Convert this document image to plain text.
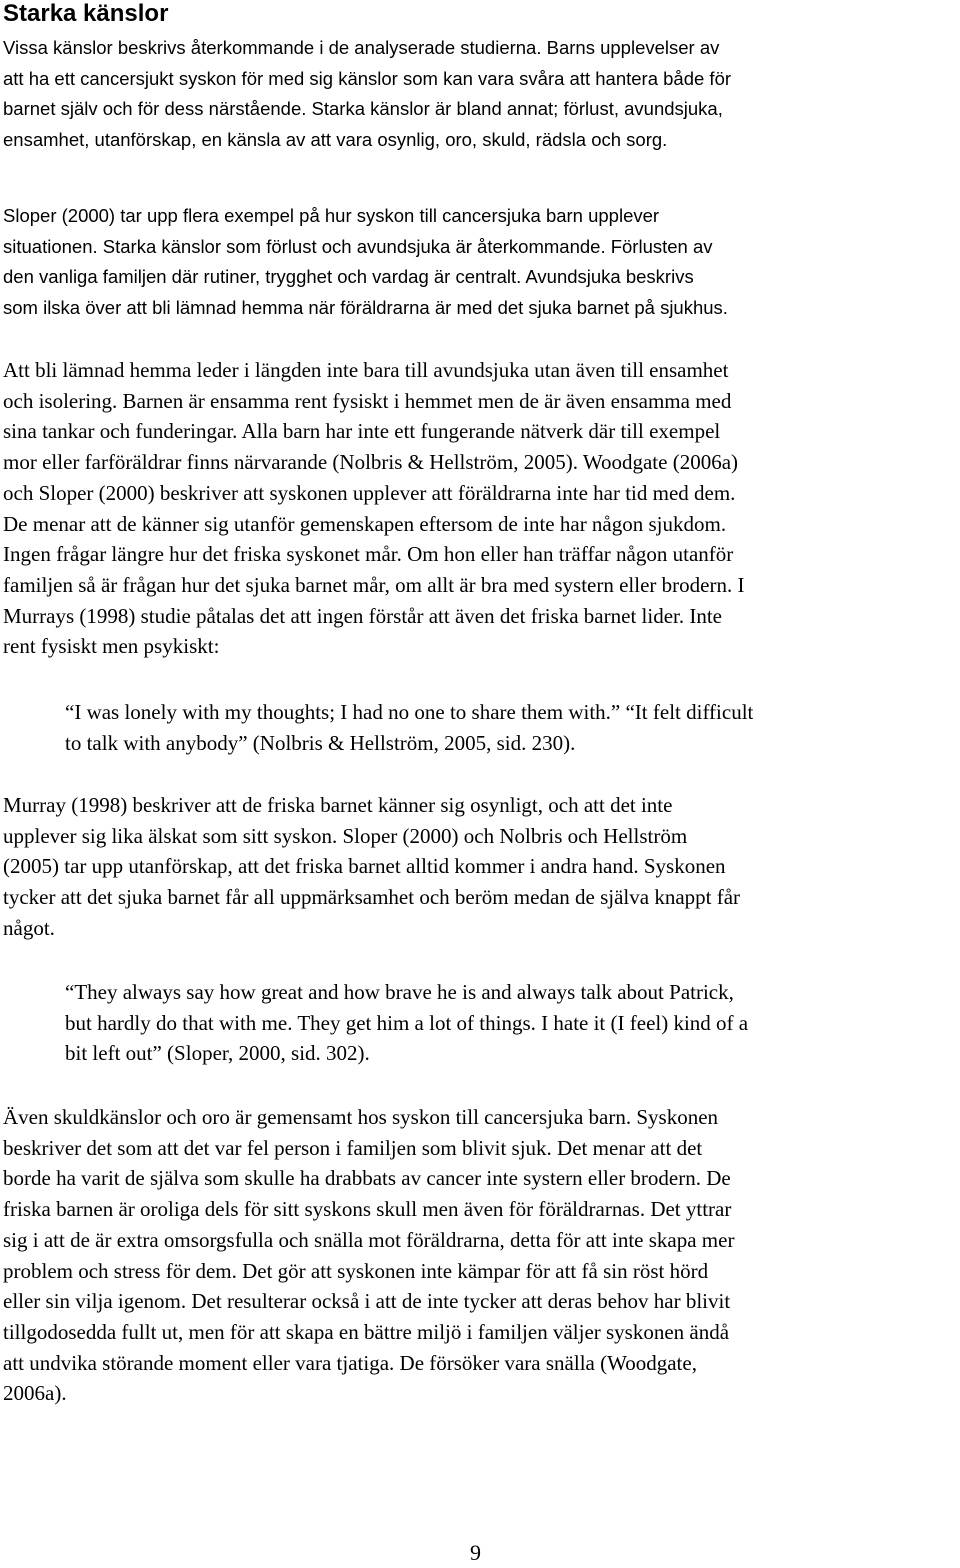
Starka känslor

Vissa känslor beskrivs återkommande i de analyserade studierna. Barns upplevelser av
att ha ett cancersjukt syskon för med sig känslor som kan vara svåra att hantera både för
barnet själv och för dess närstående. Starka känslor är bland annat; förlust, avundsjuka,
ensamhet, utanförskap, en känsla av att vara osynlig, oro, skuld, rädsla och sorg.

Sloper (2000) tar upp flera exempel på hur syskon till cancersjuka barn upplever
situationen. Starka känslor som förlust och avundsjuka är återkommande. Förlusten av
den vanliga familjen där rutiner, trygghet och vardag är centralt. Avundsjuka beskrivs
som ilska över att bli lämnad hemma när föräldrarna är med det sjuka barnet på sjukhus.

Att bli lämnad hemma leder i längden inte bara till avundsjuka utan även till ensamhet
och isolering. Barnen är ensamma rent fysiskt i hemmet men de är även ensamma med
sina tankar och funderingar. Alla barn har inte ett fungerande nätverk där till exempel
mor eller farföräldrar finns närvarande (Nolbris & Hellström, 2005). Woodgate (2006a)
och Sloper (2000) beskriver att syskonen upplever att föräldrarna inte har tid med dem.
De menar att de känner sig utanför gemenskapen eftersom de inte har någon sjukdom.
Ingen frågar längre hur det friska syskonet mår. Om hon eller han träffar någon utanför
familjen så är frågan hur det sjuka barnet mår, om allt är bra med systern eller brodern. I
Murrays (1998) studie påtalas det att ingen förstår att även det friska barnet lider. Inte
rent fysiskt men psykiskt:

“I was lonely with my thoughts; I had no one to share them with.” “It felt difficult
to talk with anybody” (Nolbris & Hellström, 2005, sid. 230).

Murray (1998) beskriver att de friska barnet känner sig osynligt, och att det inte
upplever sig lika älskat som sitt syskon. Sloper (2000) och Nolbris och Hellström
(2005) tar upp utanförskap, att det friska barnet alltid kommer i andra hand. Syskonen
tycker att det sjuka barnet får all uppmärksamhet och beröm medan de själva knappt får
något.

“They always say how great and how brave he is and always talk about Patrick,
but hardly do that with me. They get him a lot of things. I hate it (I feel) kind of a
bit left out” (Sloper, 2000, sid. 302).

Även skuldkänslor och oro är gemensamt hos syskon till cancersjuka barn. Syskonen
beskriver det som att det var fel person i familjen som blivit sjuk. Det menar att det
borde ha varit de själva som skulle ha drabbats av cancer inte systern eller brodern. De
friska barnen är oroliga dels för sitt syskons skull men även för föräldrarnas. Det yttrar
sig i att de är extra omsorgsfulla och snälla mot föräldrarna, detta för att inte skapa mer
problem och stress för dem. Det gör att syskonen inte kämpar för att få sin röst hörd
eller sin vilja igenom. Det resulterar också i att de inte tycker att deras behov har blivit
tillgodosedda fullt ut, men för att skapa en bättre miljö i familjen väljer syskonen ändå
att undvika störande moment eller vara tjatiga. De försöker vara snälla (Woodgate,
2006a).

9
